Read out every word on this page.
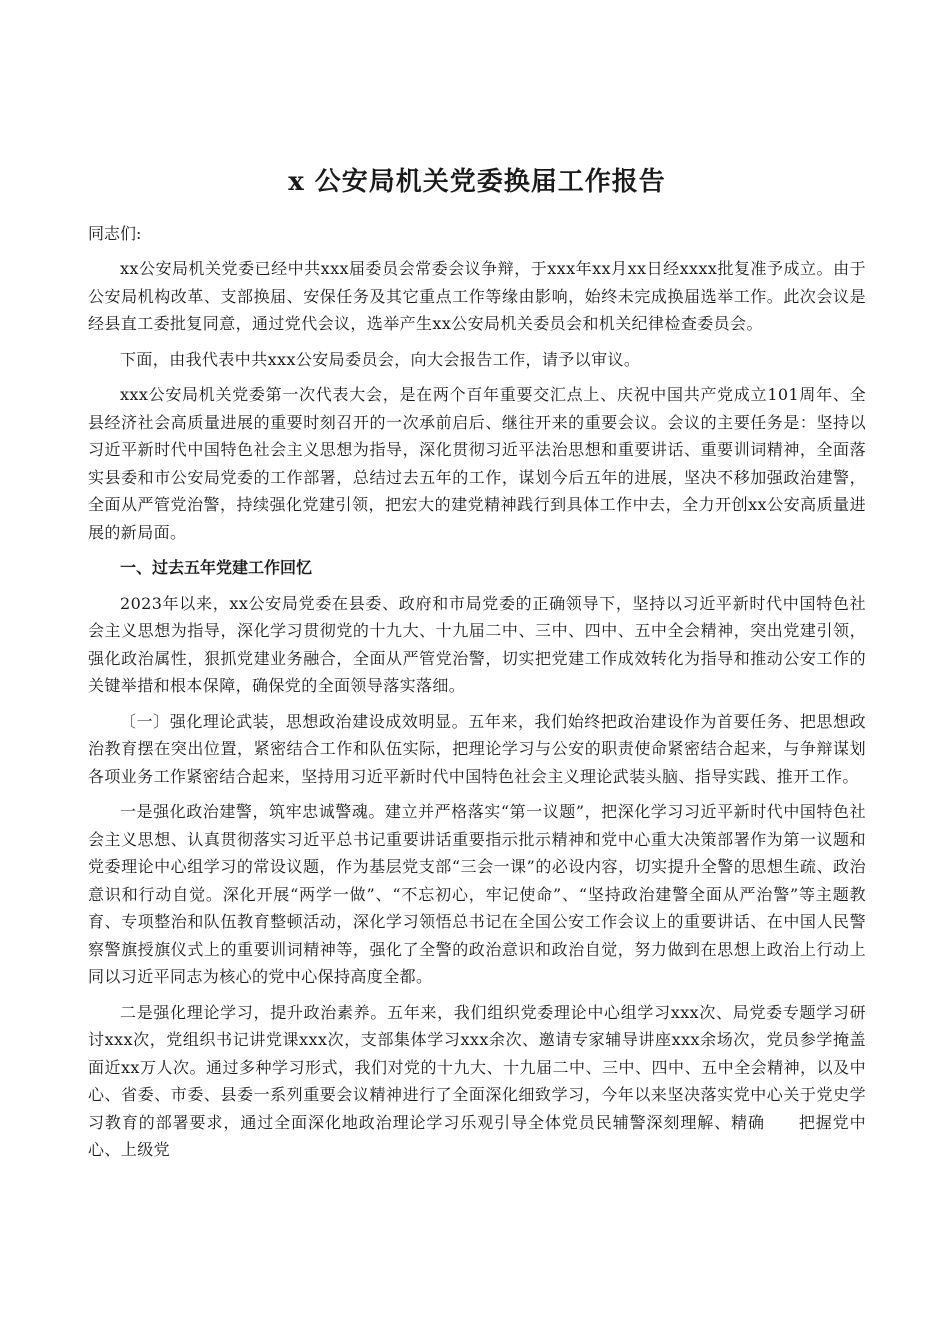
x 公安局机关党委换届工作报告

同志们:

xx公安局机关党委已经中共xxx届委员会常委会议争辩，于xxx年xx月xx日经xxxx批复准予成立。由于公安局机构改革、支部换届、安保任务及其它重点工作等缘由影响，始终未完成换届选举工作。此次会议是经县直工委批复同意，通过党代会议，选举产生xx公安局机关委员会和机关纪律检查委员会。

下面，由我代表中共xxx公安局委员会，向大会报告工作，请予以审议。

xxx公安局机关党委第一次代表大会，是在两个百年重要交汇点上、庆祝中国共产党成立101周年、全县经济社会高质量进展的重要时刻召开的一次承前启后、继往开来的重要会议。会议的主要任务是：坚持以习近平新时代中国特色社会主义思想为指导，深化贯彻习近平法治思想和重要讲话、重要训词精神，全面落实县委和市公安局党委的工作部署，总结过去五年的工作，谋划今后五年的进展，坚决不移加强政治建警，全面从严管党治警，持续强化党建引领，把宏大的建党精神践行到具体工作中去，全力开创xx公安高质量进展的新局面。

一、过去五年党建工作回忆

2023年以来，xx公安局党委在县委、政府和市局党委的正确领导下，坚持以习近平新时代中国特色社会主义思想为指导，深化学习贯彻党的十九大、十九届二中、三中、四中、五中全会精神，突出党建引领，强化政治属性，狠抓党建业务融合，全面从严管党治警，切实把党建工作成效转化为指导和推动公安工作的关键举措和根本保障，确保党的全面领导落实落细。

〔一〕强化理论武装，思想政治建设成效明显。五年来，我们始终把政治建设作为首要任务、把思想政治教育摆在突出位置，紧密结合工作和队伍实际，把理论学习与公安的职责使命紧密结合起来，与争辩谋划各项业务工作紧密结合起来，坚持用习近平新时代中国特色社会主义理论武装头脑、指导实践、推开工作。

一是强化政治建警，筑牢忠诚警魂。建立并严格落实“第一议题”，把深化学习习近平新时代中国特色社会主义思想、认真贯彻落实习近平总书记重要讲话重要指示批示精神和党中心重大决策部署作为第一议题和党委理论中心组学习的常设议题，作为基层党支部“三会一课”的必设内容，切实提升全警的思想生疏、政治意识和行动自觉。深化开展“两学一做”、“不忘初心，牢记使命”、“坚持政治建警全面从严治警”等主题教育、专项整治和队伍教育整顿活动，深化学习领悟总书记在全国公安工作会议上的重要讲话、在中国人民警察警旗授旗仪式上的重要训词精神等，强化了全警的政治意识和政治自觉，努力做到在思想上政治上行动上同以习近平同志为核心的党中心保持高度全都。

二是强化理论学习，提升政治素养。五年来，我们组织党委理论中心组学习xxx次、局党委专题学习研讨xxx次，党组织书记讲党课xxx次，支部集体学习xxx余次、邀请专家辅导讲座xxx余场次，党员参学掩盖面近xx万人次。通过多种学习形式，我们对党的十九大、十九届二中、三中、四中、五中全会精神，以及中心、省委、市委、县委一系列重要会议精神进行了全面深化细致学习，今年以来坚决落实党中心关于党史学习教育的部署要求，通过全面深化地政治理论学习乐观引导全体党员民辅警深刻理解、精确　　把握党中心、上级党
